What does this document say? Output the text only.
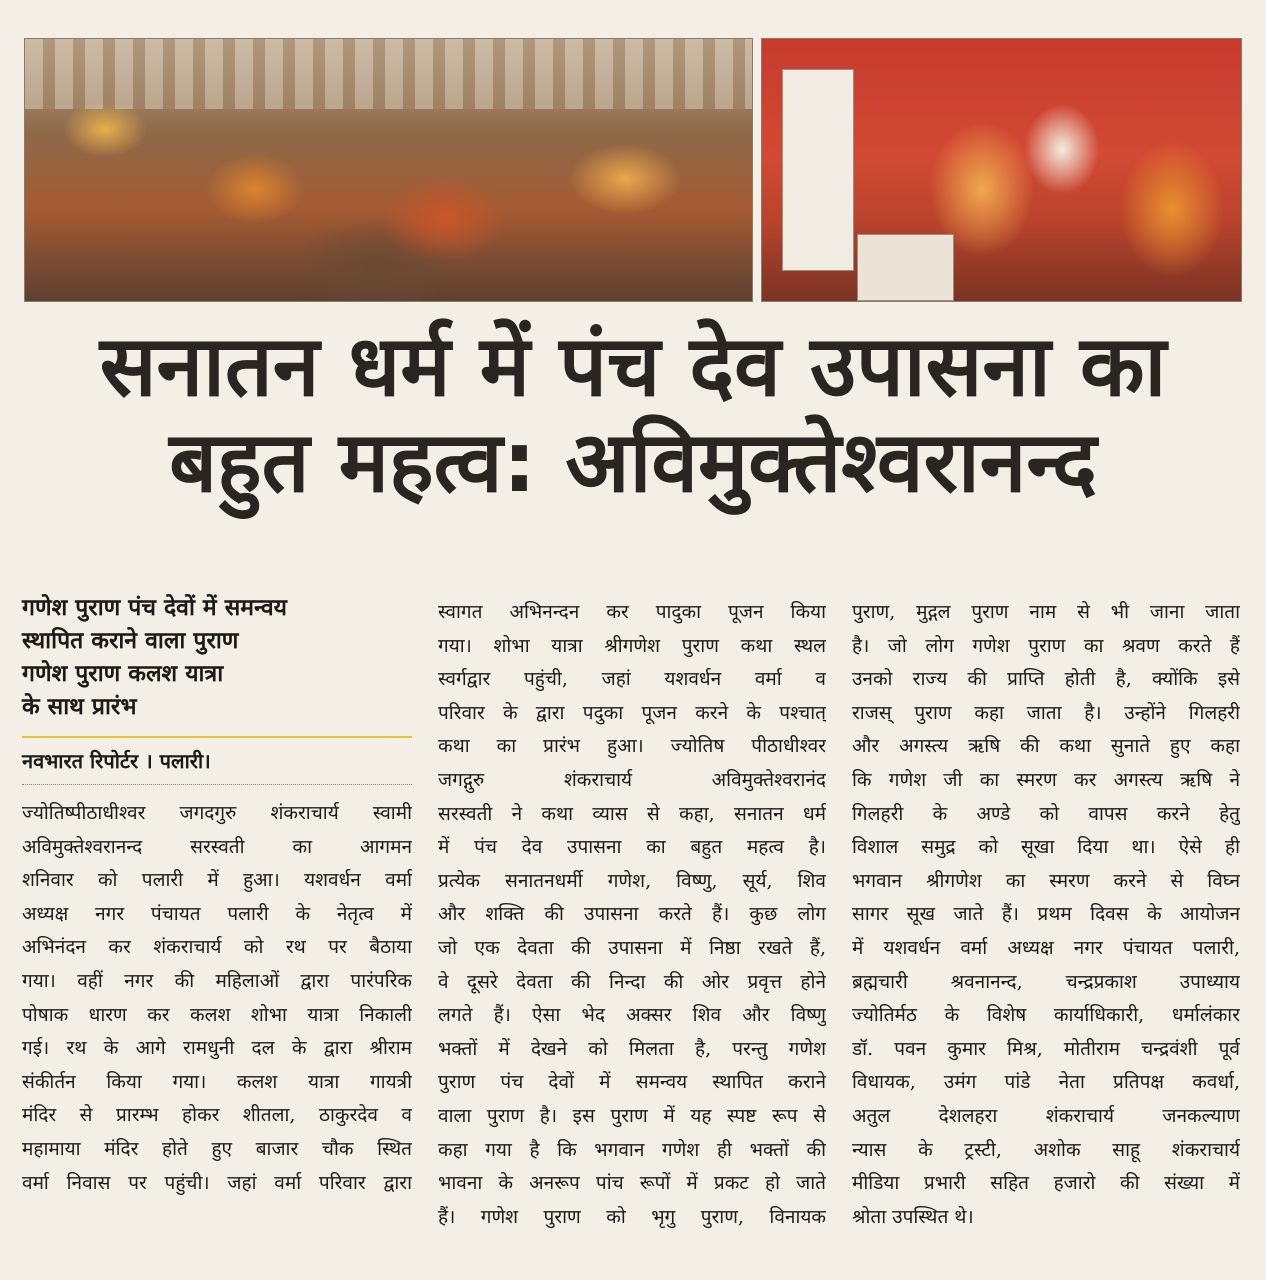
सनातन धर्म में पंच देव उपासना का
बहुत महत्व: अविमुक्तेश्वरानन्द
गणेश पुराण पंच देवों में समन्वय
स्थापित कराने वाला पुराण
गणेश पुराण कलश यात्रा
के साथ प्रारंभ
नवभारत रिपोर्टर । पलारी।
ज्योतिष्पीठाधीश्वर जगदगुरु शंकराचार्य स्वामी
अविमुक्तेश्वरानन्द सरस्वती का आगमन
शनिवार को पलारी में हुआ। यशवर्धन वर्मा
अध्यक्ष नगर पंचायत पलारी के नेतृत्व में
अभिनंदन कर शंकराचार्य को रथ पर बैठाया
गया। वहीं नगर की महिलाओं द्वारा पारंपरिक
पोषाक धारण कर कलश शोभा यात्रा निकाली
गई। रथ के आगे रामधुनी दल के द्वारा श्रीराम
संकीर्तन किया गया। कलश यात्रा गायत्री
मंदिर से प्रारम्भ होकर शीतला, ठाकुरदेव व
महामाया मंदिर होते हुए बाजार चौक स्थित
वर्मा निवास पर पहुंची। जहां वर्मा परिवार द्वारा
स्वागत अभिनन्दन कर पादुका पूजन किया
गया। शोभा यात्रा श्रीगणेश पुराण कथा स्थल
स्वर्गद्वार पहुंची, जहां यशवर्धन वर्मा व
परिवार के द्वारा पदुका पूजन करने के पश्चात्
कथा का प्रारंभ हुआ। ज्योतिष पीठाधीश्वर
जगद्गुरु शंकराचार्य अविमुक्तेश्वरानंद
सरस्वती ने कथा व्यास से कहा, सनातन धर्म
में पंच देव उपासना का बहुत महत्व है।
प्रत्येक सनातनधर्मी गणेश, विष्णु, सूर्य, शिव
और शक्ति की उपासना करते हैं। कुछ लोग
जो एक देवता की उपासना में निष्ठा रखते हैं,
वे दूसरे देवता की निन्दा की ओर प्रवृत्त होने
लगते हैं। ऐसा भेद अक्सर शिव और विष्णु
भक्तों में देखने को मिलता है, परन्तु गणेश
पुराण पंच देवों में समन्वय स्थापित कराने
वाला पुराण है। इस पुराण में यह स्पष्ट रूप से
कहा गया है कि भगवान गणेश ही भक्तों की
भावना के अनरूप पांच रूपों में प्रकट हो जाते
हैं। गणेश पुराण को भृगु पुराण, विनायक
पुराण, मुद्गल पुराण नाम से भी जाना जाता
है। जो लोग गणेश पुराण का श्रवण करते हैं
उनको राज्य की प्राप्ति होती है, क्योंकि इसे
राजस् पुराण कहा जाता है। उन्होंने गिलहरी
और अगस्त्य ऋषि की कथा सुनाते हुए कहा
कि गणेश जी का स्मरण कर अगस्त्य ऋषि ने
गिलहरी के अण्डे को वापस करने हेतु
विशाल समुद्र को सूखा दिया था। ऐसे ही
भगवान श्रीगणेश का स्मरण करने से विघ्न
सागर सूख जाते हैं। प्रथम दिवस के आयोजन
में यशवर्धन वर्मा अध्यक्ष नगर पंचायत पलारी,
ब्रह्मचारी श्रवनानन्द, चन्द्रप्रकाश उपाध्याय
ज्योतिर्मठ के विशेष कार्याधिकारी, धर्मालंकार
डॉ. पवन कुमार मिश्र, मोतीराम चन्द्रवंशी पूर्व
विधायक, उमंग पांडे नेता प्रतिपक्ष कवर्धा,
अतुल देशलहरा शंकराचार्य जनकल्याण
न्यास के ट्रस्टी, अशोक साहू शंकराचार्य
मीडिया प्रभारी सहित हजारो की संख्या में
श्रोता उपस्थित थे।
